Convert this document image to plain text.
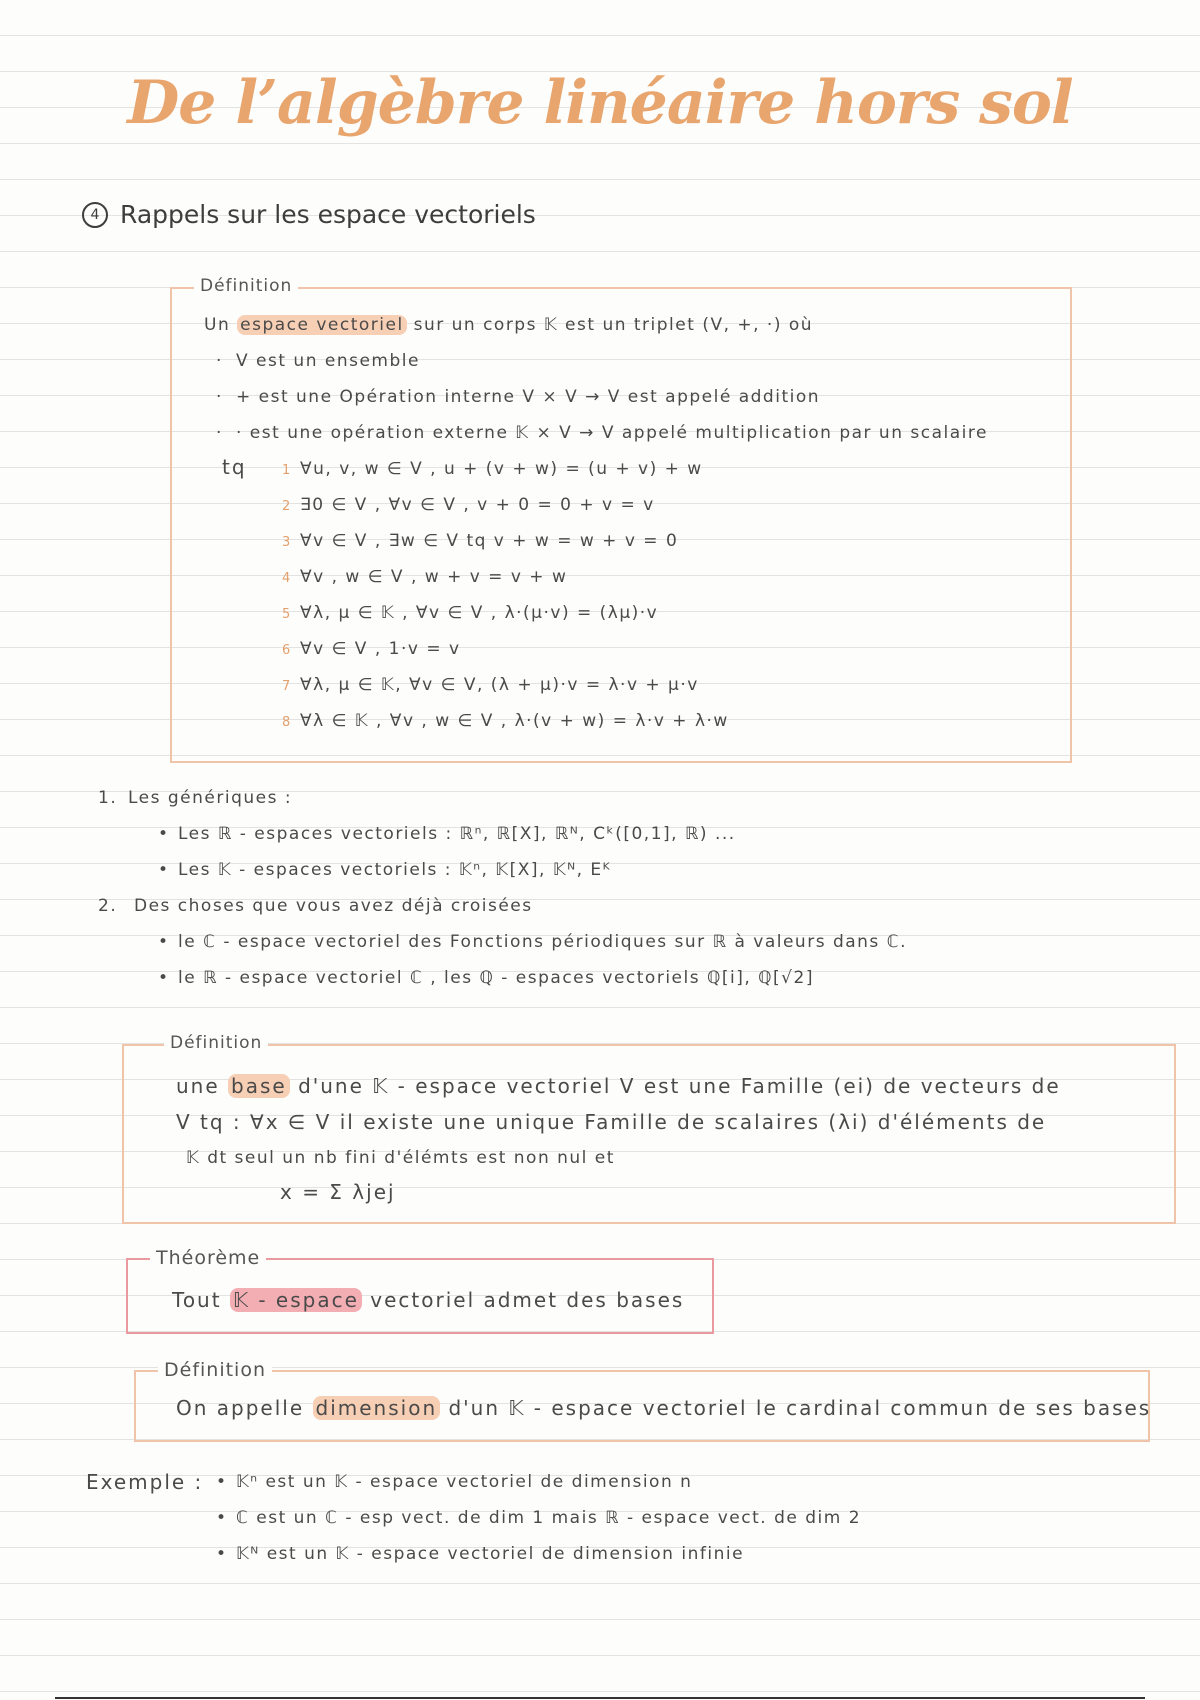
De l’algèbre linéaire hors sol
4 Rappels sur les espace vectoriels
Définition
Un espace vectoriel sur un corps 𝕂 est un triplet (V, +, ·) où
· V est un ensemble
· + est une Opération interne V × V → V est appelé addition
· · est une opération externe 𝕂 × V → V appelé multiplication par un scalaire
tq	1 ∀u, v, w ∈ V , u + (v + w) = (u + v) + w
2 ∃0 ∈ V , ∀v ∈ V , v + 0 = 0 + v = v
3 ∀v ∈ V , ∃w ∈ V tq v + w = w + v = 0
4 ∀v , w ∈ V , w + v = v + w
5 ∀λ, μ ∈ 𝕂 , ∀v ∈ V , λ·(μ·v) = (λμ)·v
6 ∀v ∈ V , 1·v = v
7 ∀λ, μ ∈ 𝕂, ∀v ∈ V, (λ + μ)·v = λ·v + μ·v
8 ∀λ ∈ 𝕂 , ∀v , w ∈ V , λ·(v + w) = λ·v + λ·w
1. Les génériques :
• Les ℝ - espaces vectoriels : ℝⁿ, ℝ[X], ℝᴺ, Cᵏ([0,1], ℝ) ...
• Les 𝕂 - espaces vectoriels : 𝕂ⁿ, 𝕂[X], 𝕂ᴺ, Eᴷ
2. Des choses que vous avez déjà croisées
• le ℂ - espace vectoriel des Fonctions périodiques sur ℝ à valeurs dans ℂ.
• le ℝ - espace vectoriel ℂ , les ℚ - espaces vectoriels ℚ[i], ℚ[√2]
Définition
une base d'une 𝕂 - espace vectoriel V est une Famille (ei) de vecteurs de
V tq : ∀x ∈ V il existe une unique Famille de scalaires (λi) d'éléments de
𝕂 dt seul un nb fini d'élémts est non nul et
x = Σ λjej
Théorème
Tout 𝕂 - espace vectoriel admet des bases
Définition
On appelle dimension d'un 𝕂 - espace vectoriel le cardinal commun de ses bases
Exemple : • 𝕂ⁿ est un 𝕂 - espace vectoriel de dimension n
• ℂ est un ℂ - esp vect. de dim 1 mais ℝ - espace vect. de dim 2
• 𝕂ᴺ est un 𝕂 - espace vectoriel de dimension infinie
